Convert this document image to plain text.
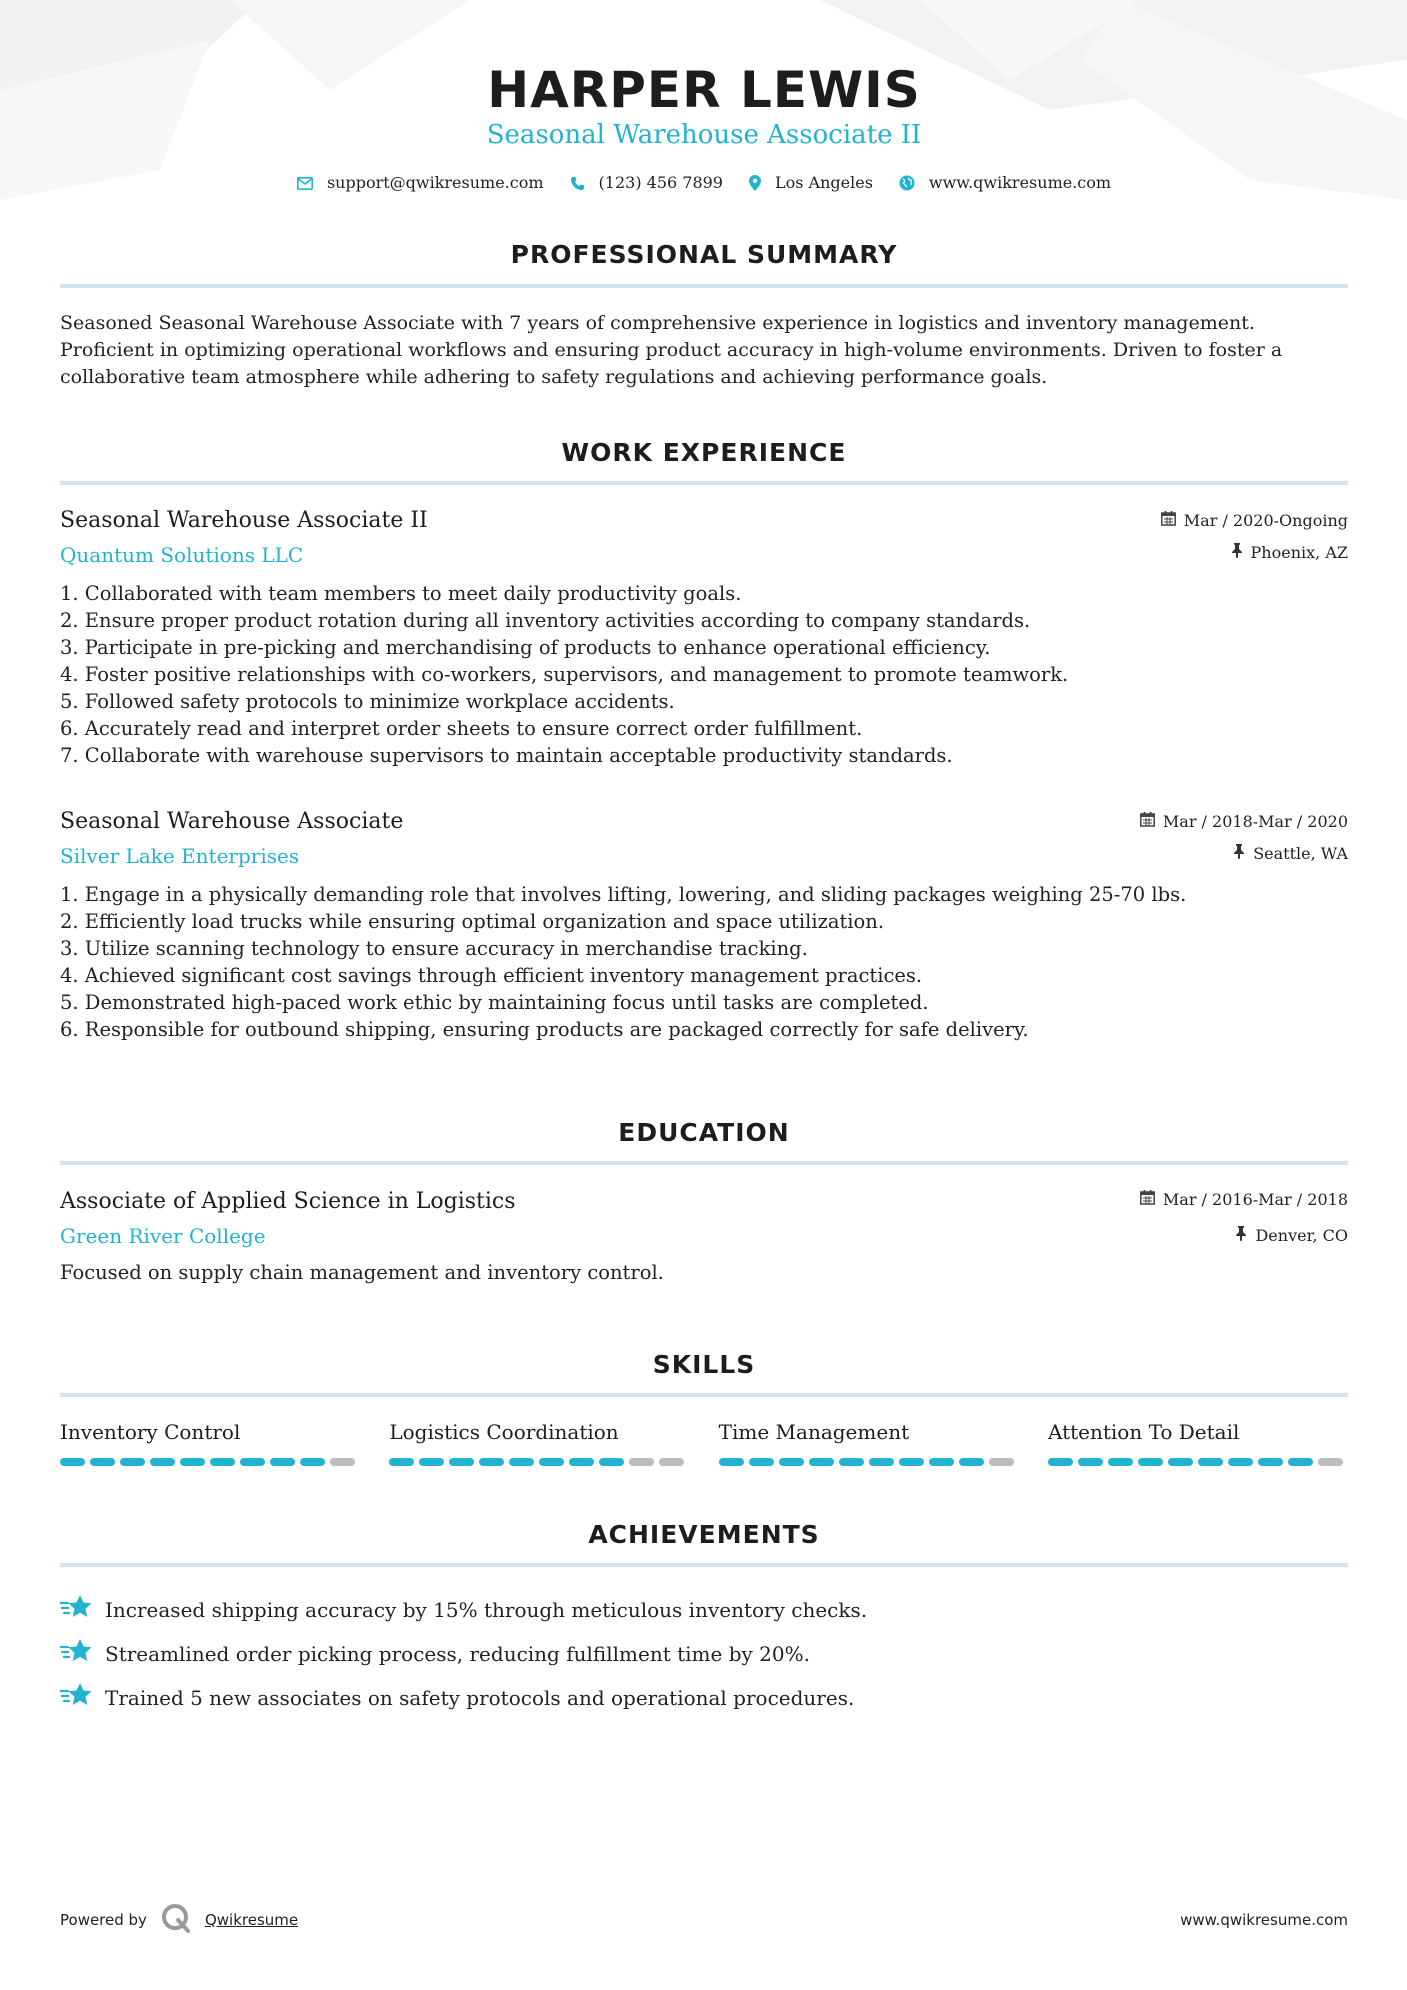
HARPER LEWIS
Seasonal Warehouse Associate II
support@qwikresume.com	(123) 456 7899	Los Angeles	www.qwikresume.com
PROFESSIONAL SUMMARY

Seasoned Seasonal Warehouse Associate with 7 years of comprehensive experience in logistics and inventory management. Proficient in optimizing operational workflows and ensuring product accuracy in high-volume environments. Driven to foster a collaborative team atmosphere while adhering to safety regulations and achieving performance goals.

WORK EXPERIENCE
Seasonal Warehouse Associate II
Quantum Solutions LLC
Mar / 2020-Ongoing
Phoenix, AZ
1. Collaborated with team members to meet daily productivity goals.
2. Ensure proper product rotation during all inventory activities according to company standards.
3. Participate in pre-picking and merchandising of products to enhance operational efficiency.
4. Foster positive relationships with co-workers, supervisors, and management to promote teamwork.
5. Followed safety protocols to minimize workplace accidents.
6. Accurately read and interpret order sheets to ensure correct order fulfillment.
7. Collaborate with warehouse supervisors to maintain acceptable productivity standards.
Seasonal Warehouse Associate
Silver Lake Enterprises
Mar / 2018-Mar / 2020
Seattle, WA
1. Engage in a physically demanding role that involves lifting, lowering, and sliding packages weighing 25-70 lbs.
2. Efficiently load trucks while ensuring optimal organization and space utilization.
3. Utilize scanning technology to ensure accuracy in merchandise tracking.
4. Achieved significant cost savings through efficient inventory management practices.
5. Demonstrated high-paced work ethic by maintaining focus until tasks are completed.
6. Responsible for outbound shipping, ensuring products are packaged correctly for safe delivery.
EDUCATION
Associate of Applied Science in Logistics
Green River College
Mar / 2016-Mar / 2018
Denver, CO
Focused on supply chain management and inventory control.
SKILLS
Inventory Control	Logistics Coordination	Time Management	Attention To Detail
ACHIEVEMENTS
Increased shipping accuracy by 15% through meticulous inventory checks.
Streamlined order picking process, reducing fulfillment time by 20%.
Trained 5 new associates on safety protocols and operational procedures.
Powered by	Qwikresume	www.qwikresume.com
